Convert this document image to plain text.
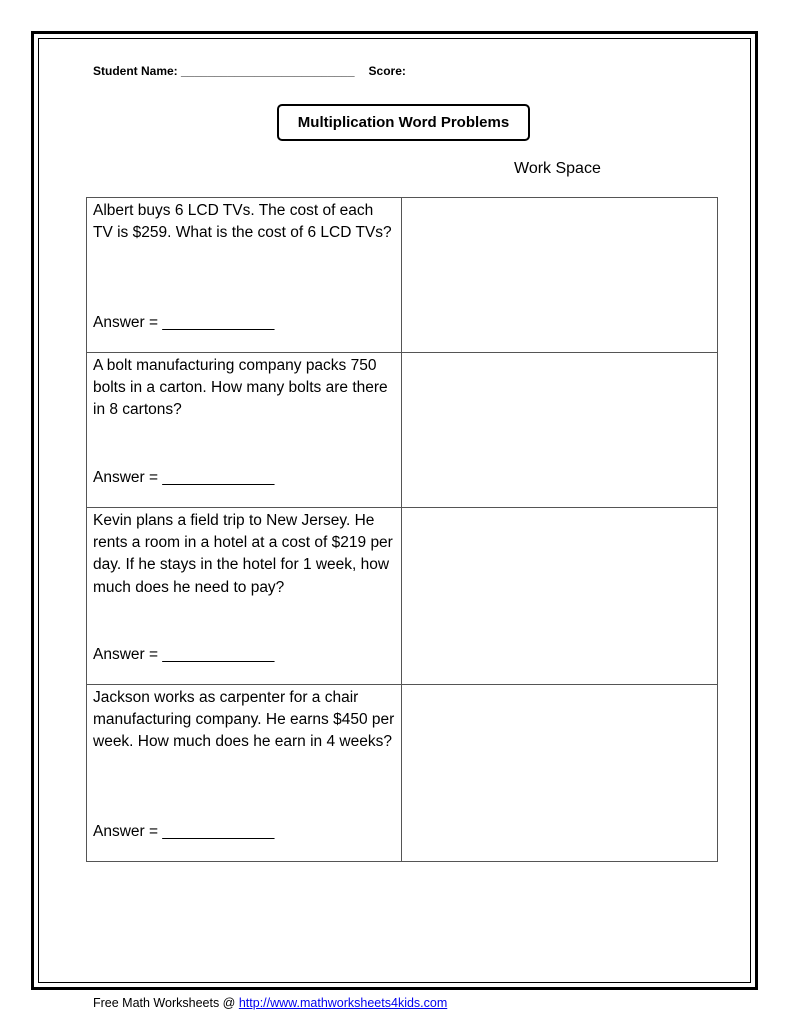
Student Name: __________________________ Score:
Multiplication Word Problems
Work Space
Albert buys 6 LCD TVs. The cost of each TV is $259. What is the cost of 6 LCD TVs?
Answer = _____________	

A bolt manufacturing company packs 750 bolts in a carton. How many bolts are there in 8 cartons?
Answer = _____________	

Kevin plans a field trip to New Jersey. He rents a room in a hotel at a cost of $219 per day. If he stays in the hotel for 1 week, how much does he need to pay?
Answer = _____________	

Jackson works as carpenter for a chair manufacturing company. He earns $450 per week. How much does he earn in 4 weeks?
Answer = _____________	

Free Math Worksheets @ http://www.mathworksheets4kids.com
